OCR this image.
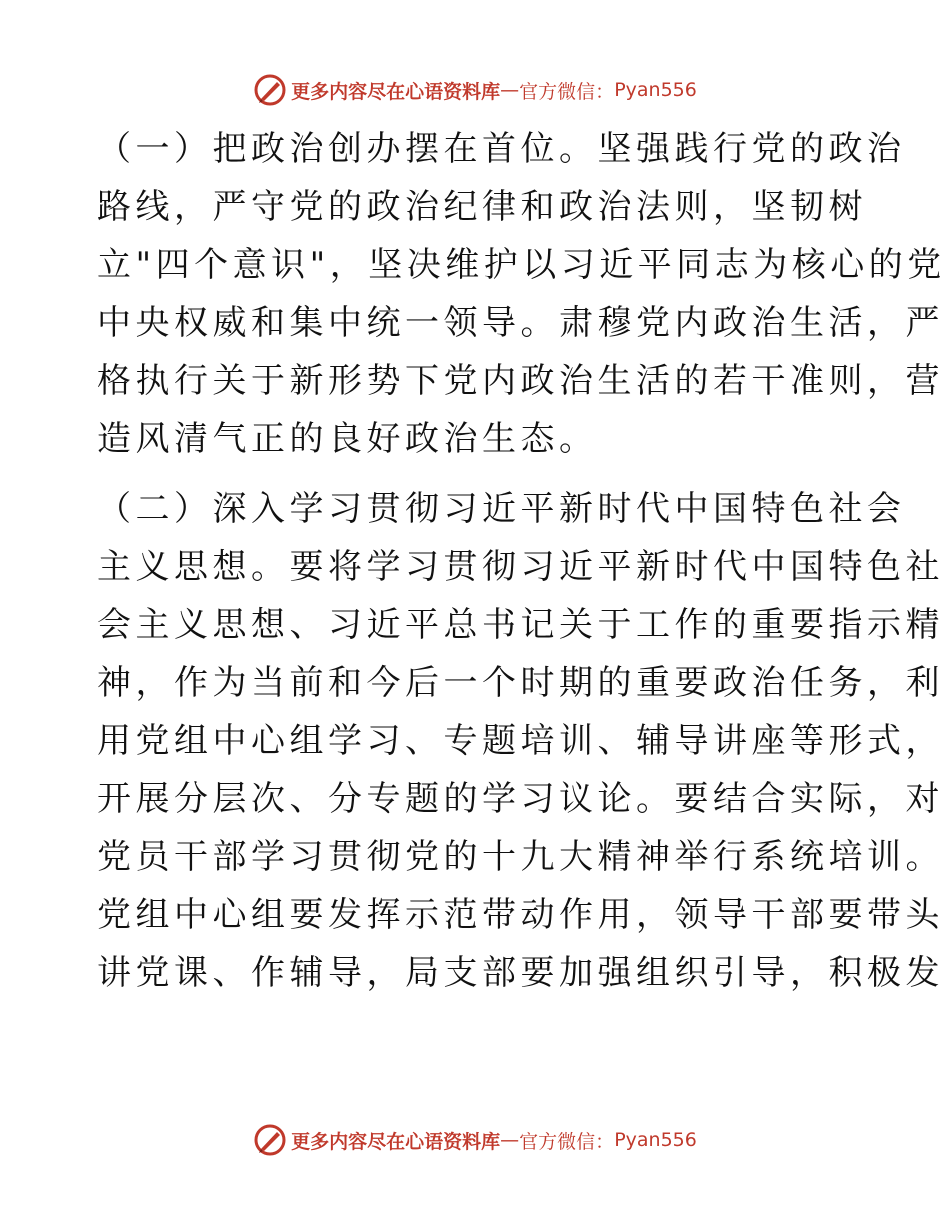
更多内容尽在心语资料库 — 官方微信： Pyan556

（一）把政治创办摆在首位。坚强践行党的政治
路线，严守党的政治纪律和政治法则，坚韧树
立"四个意识"，坚决维护以习近平同志为核心的党
中央权威和集中统一领导。肃穆党内政治生活，严
格执行关于新形势下党内政治生活的若干准则，营
造风清气正的良好政治生态。

（二）深入学习贯彻习近平新时代中国特色社会
主义思想。要将学习贯彻习近平新时代中国特色社
会主义思想、习近平总书记关于工作的重要指示精
神，作为当前和今后一个时期的重要政治任务，利
用党组中心组学习、专题培训、辅导讲座等形式，
开展分层次、分专题的学习议论。要结合实际，对
党员干部学习贯彻党的十九大精神举行系统培训。
党组中心组要发挥示范带动作用，领导干部要带头
讲党课、作辅导，局支部要加强组织引导，积极发

更多内容尽在心语资料库 — 官方微信： Pyan556
